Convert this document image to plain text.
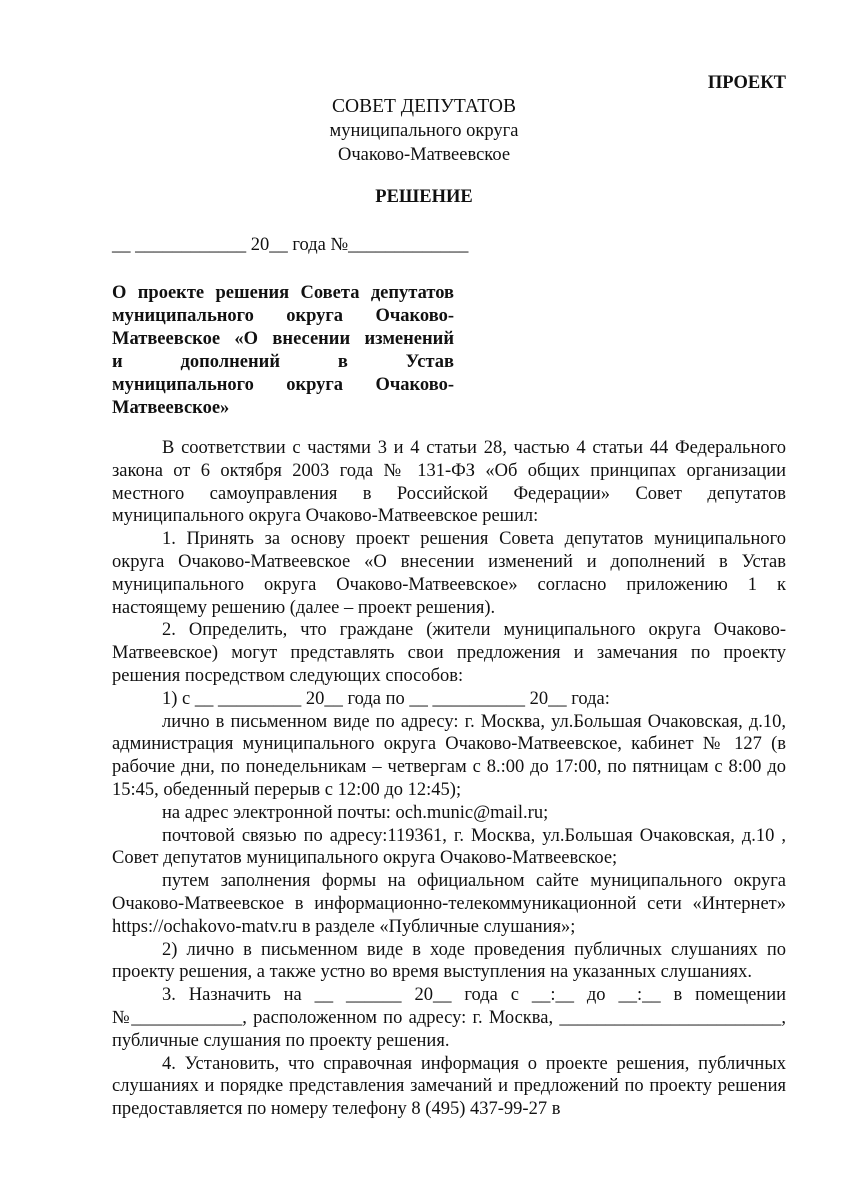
ПРОЕКТ
СОВЕТ ДЕПУТАТОВ
муниципального округа
Очаково-Матвеевское
РЕШЕНИЕ
__ ____________ 20__ года №_____________
О проекте решения Совета депутатов
муниципального округа Очаково-
Матвеевское «О внесении изменений
и дополнений в Устав
муниципального округа Очаково-
Матвеевское»

В соответствии с частями 3 и 4 статьи 28, частью 4 статьи 44 Федерального закона от 6 октября 2003 года № 131-ФЗ «Об общих принципах организации местного самоуправления в Российской Федерации» Совет депутатов муниципального округа Очаково-Матвеевское решил:

1. Принять за основу проект решения Совета депутатов муниципального округа Очаково-Матвеевское «О внесении изменений и дополнений в Устав муниципального округа Очаково-Матвеевское» согласно приложению 1 к настоящему решению (далее – проект решения).

2. Определить, что граждане (жители муниципального округа Очаково-Матвеевское) могут представлять свои предложения и замечания по проекту решения посредством следующих способов:

1) с __ _________ 20__ года по __ __________ 20__ года:

лично в письменном виде по адресу: г. Москва, ул.Большая Очаковская, д.10, администрация муниципального округа Очаково-Матвеевское, кабинет № 127 (в рабочие дни, по понедельникам – четвергам с 8.:00 до 17:00, по пятницам с 8:00 до 15:45, обеденный перерыв с 12:00 до 12:45);

на адрес электронной почты: och.munic@mail.ru;

почтовой связью по адресу:119361, г. Москва, ул.Большая Очаковская, д.10 , Совет депутатов муниципального округа Очаково-Матвеевское;

путем заполнения формы на официальном сайте муниципального округа Очаково-Матвеевское в информационно-телекоммуникационной сети «Интернет» https://ochakovo-matv.ru в разделе «Публичные слушания»;

2) лично в письменном виде в ходе проведения публичных слушаниях по проекту решения, а также устно во время выступления на указанных слушаниях.

3. Назначить на __ ______ 20__ года с __:__ до __:__ в помещении №____________, расположенном по адресу: г. Москва, ________________________, публичные слушания по проекту решения.

4. Установить, что справочная информация о проекте решения, публичных слушаниях и порядке представления замечаний и предложений по проекту решения предоставляется по номеру телефону 8 (495) 437-99-27 в
